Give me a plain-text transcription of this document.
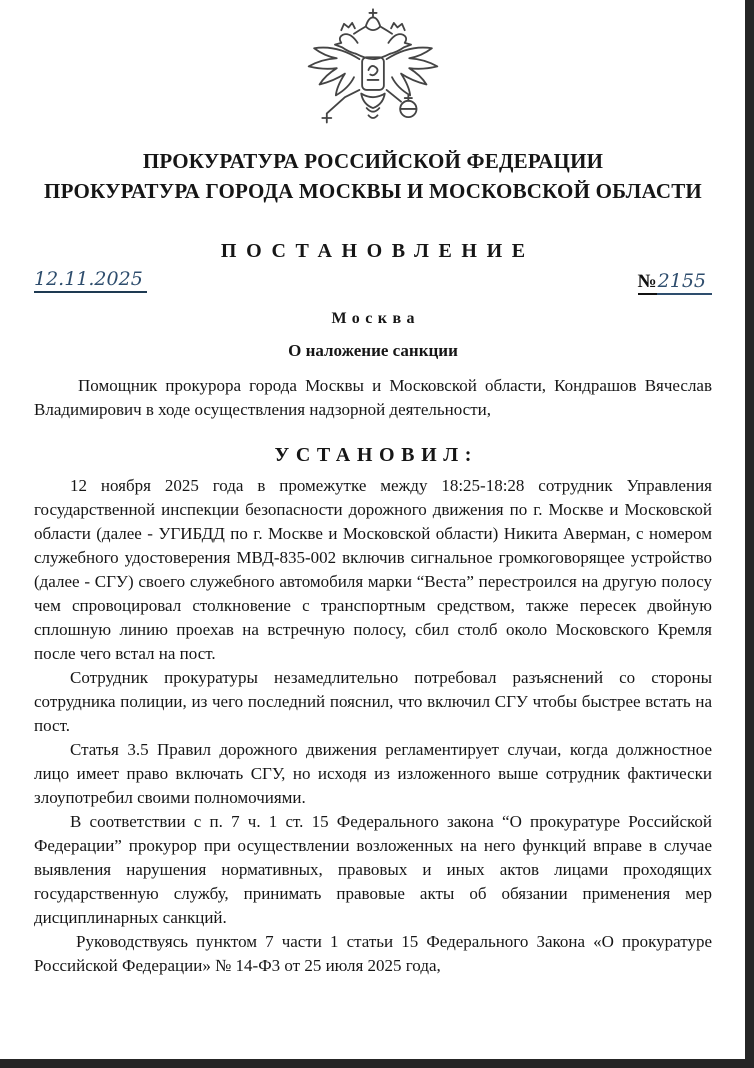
ПРОКУРАТУРА РОССИЙСКОЙ ФЕДЕРАЦИИ

ПРОКУРАТУРА ГОРОДА МОСКВЫ И МОСКОВСКОЙ ОБЛАСТИ

ПОСТАНОВЛЕНИЕ
12.11.2025	№2155
Москва
О наложение санкции

Помощник прокурора города Москвы и Московской области, Кондрашов Вячеслав Владимирович в ходе осуществления надзорной деятельности,

УСТАНОВИЛ:

12 ноября 2025 года в промежутке между 18:25-18:28 сотрудник Управления государственной инспекции безопасности дорожного движения по г. Москве и Московской области (далее - УГИБДД по г. Москве и Московской области) Никита Аверман, с номером служебного удостоверения МВД-835-002 включив сигнальное громкоговорящее устройство (далее - СГУ) своего служебного автомобиля марки “Веста” перестроился на другую полосу чем спровоцировал столкновение с транспортным средством, также пересек двойную сплошную линию проехав на встречную полосу, сбил столб около Московского Кремля после чего встал на пост.

Сотрудник прокуратуры незамедлительно потребовал разъяснений со стороны сотрудника полиции, из чего последний пояснил, что включил СГУ чтобы быстрее встать на пост.

Статья 3.5 Правил дорожного движения регламентирует случаи, когда должностное лицо имеет право включать СГУ, но исходя из изложенного выше сотрудник фактически злоупотребил своими полномочиями.

В соответствии с п. 7 ч. 1 ст. 15 Федерального закона “О прокуратуре Российской Федерации” прокурор при осуществлении возложенных на него функций вправе в случае выявления нарушения нормативных, правовых и иных актов лицами проходящих государственную службу, принимать правовые акты об обязании применения мер дисциплинарных санкций.

Руководствуясь пунктом 7 части 1 статьи 15 Федерального Закона «О прокуратуре Российской Федерации» № 14-Ф3 от 25 июля 2025 года,
